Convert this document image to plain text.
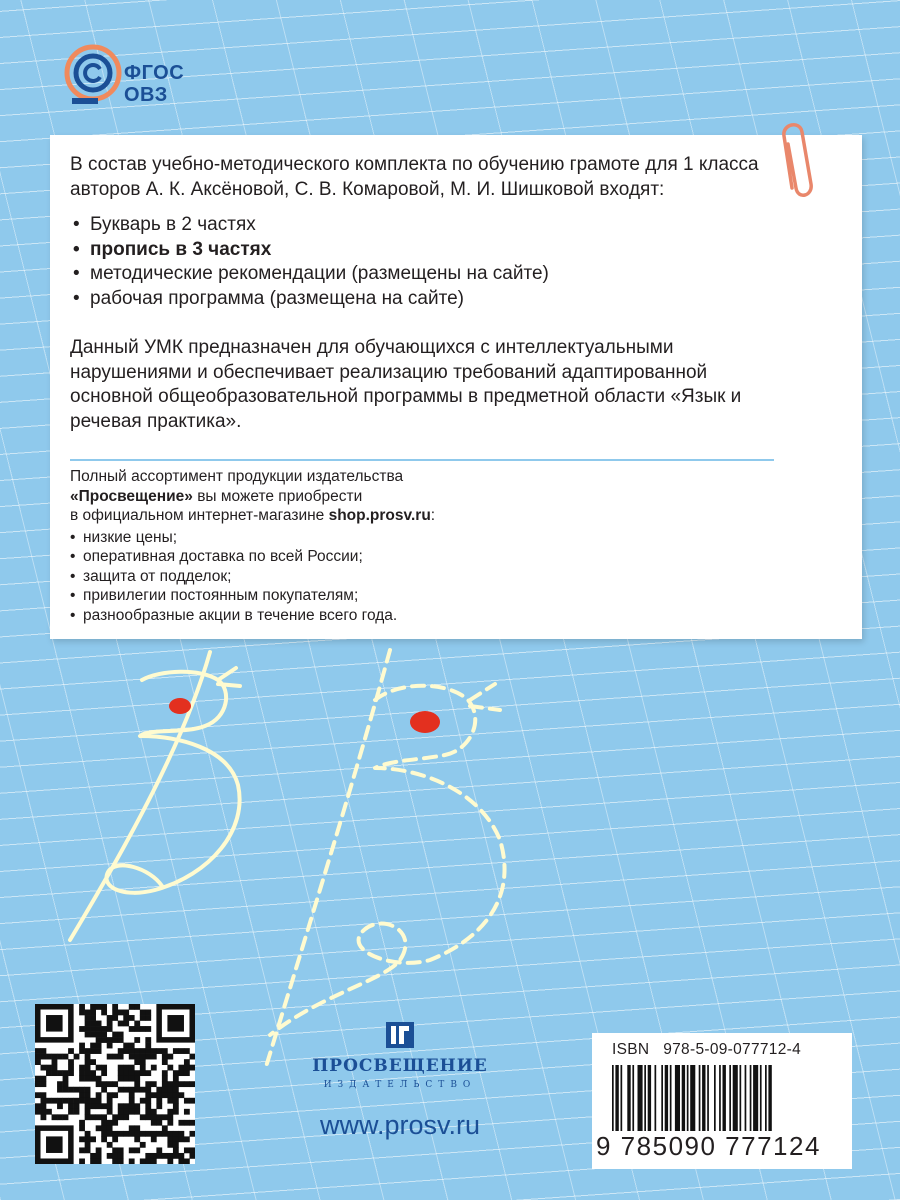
ФГОС
ОВЗ

В состав учебно-методического комплекта по обучению грамоте для 1 класса авторов А. К. Аксёновой, С. В. Комаровой, М. И. Шишковой входят:

• Букварь в 2 частях
• пропись в 3 частях
• методические рекомендации (размещены на сайте)
• рабочая программа (размещена на сайте)

Данный УМК предназначен для обучающихся с интеллектуальными нарушениями и обеспечивает реализацию требований адаптированной основной общеобразовательной программы в предметной области «Язык и речевая практика».

Полный ассортимент продукции издательства

«Просвещение» вы можете приобрести

в официальном интернет-магазине shop.prosv.ru:

• низкие цены;
• оперативная доставка по всей России;
• защита от подделок;
• привилегии постоянным покупателям;
• разнообразные акции в течение всего года.
ПРОСВЕЩЕНИЕ
ИЗДАТЕЛЬСТВО
www.prosv.ru
ISBN 978-5-09-077712-4
9 785090 777124
